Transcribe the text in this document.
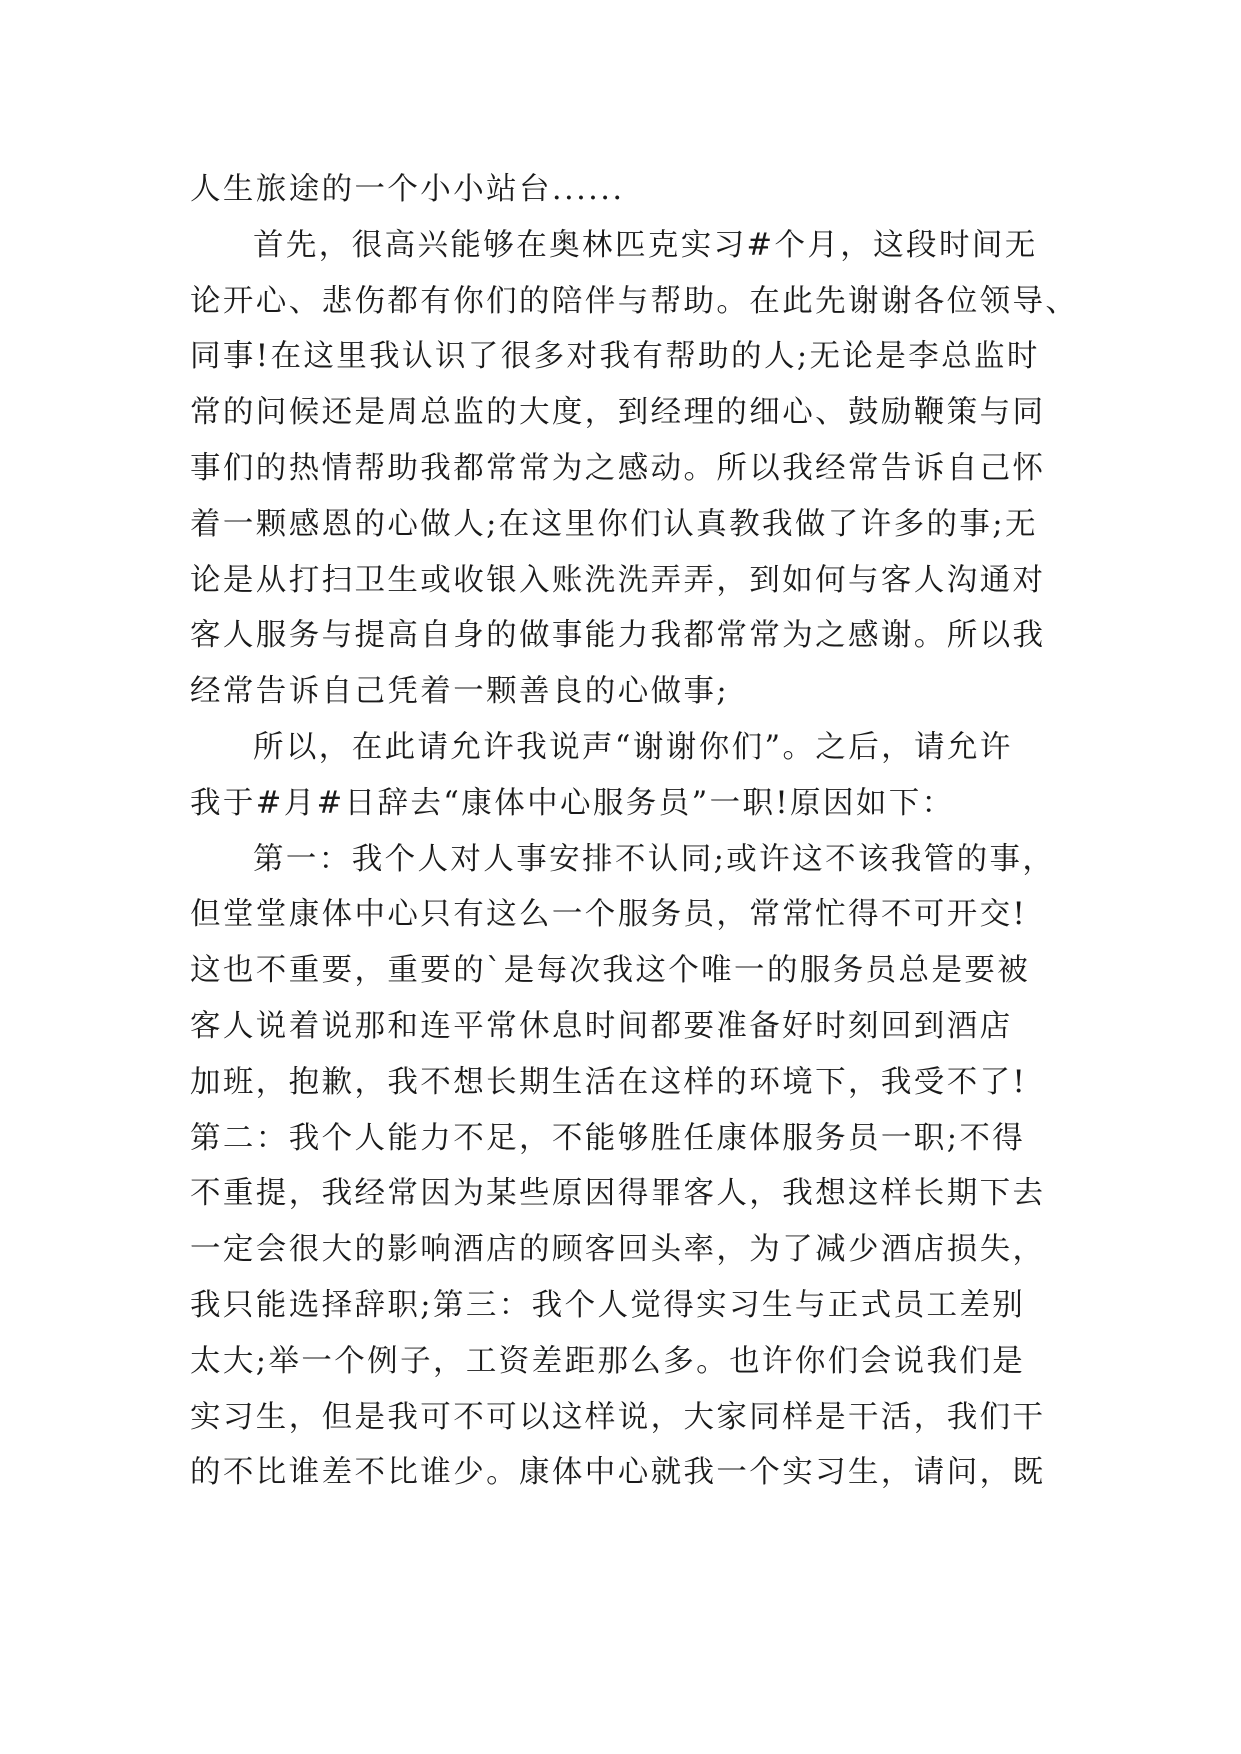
人生旅途的一个小小站台......
首先，很高兴能够在奥林匹克实习#个月，这段时间无
论开心、悲伤都有你们的陪伴与帮助。在此先谢谢各位领导、
同事!在这里我认识了很多对我有帮助的人;无论是李总监时
常的问候还是周总监的大度，到经理的细心、鼓励鞭策与同
事们的热情帮助我都常常为之感动。所以我经常告诉自己怀
着一颗感恩的心做人;在这里你们认真教我做了许多的事;无
论是从打扫卫生或收银入账洗洗弄弄，到如何与客人沟通对
客人服务与提高自身的做事能力我都常常为之感谢。所以我
经常告诉自己凭着一颗善良的心做事;
所以，在此请允许我说声“谢谢你们”。之后，请允许
我于#月#日辞去“康体中心服务员”一职!原因如下：
第一：我个人对人事安排不认同;或许这不该我管的事，
但堂堂康体中心只有这么一个服务员，常常忙得不可开交!
这也不重要，重要的`是每次我这个唯一的服务员总是要被
客人说着说那和连平常休息时间都要准备好时刻回到酒店
加班，抱歉，我不想长期生活在这样的环境下，我受不了!
第二：我个人能力不足，不能够胜任康体服务员一职;不得
不重提，我经常因为某些原因得罪客人，我想这样长期下去
一定会很大的影响酒店的顾客回头率，为了减少酒店损失，
我只能选择辞职;第三：我个人觉得实习生与正式员工差别
太大;举一个例子，工资差距那么多。也许你们会说我们是
实习生，但是我可不可以这样说，大家同样是干活，我们干
的不比谁差不比谁少。康体中心就我一个实习生，请问，既
